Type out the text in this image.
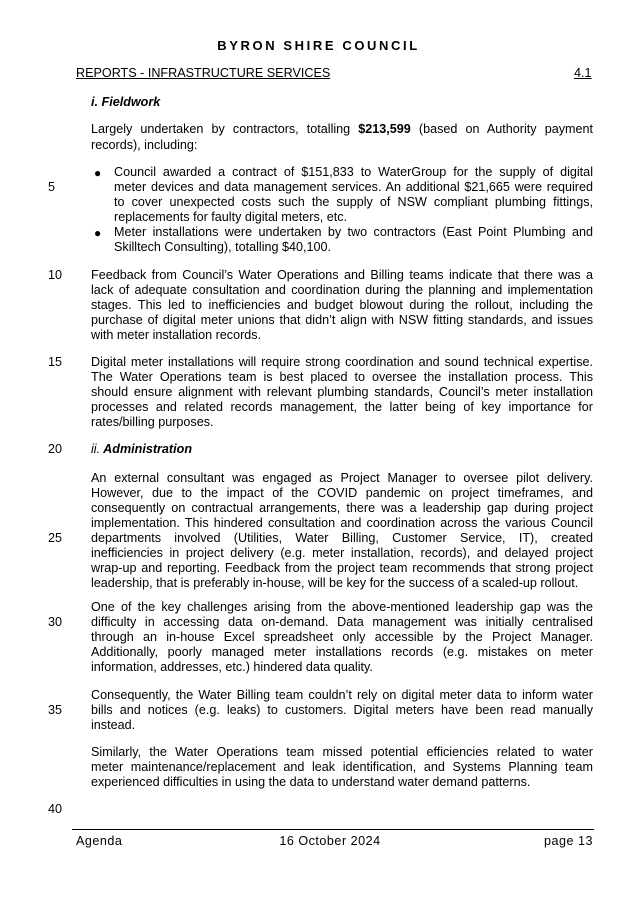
BYRON SHIRE COUNCIL
REPORTS - INFRASTRUCTURE SERVICES	4.1
i. Fieldwork
Largely undertaken by contractors, totalling $213,599 (based on Authority payment
records), including:
● Council awarded a contract of $151,833 to WaterGroup for the supply of digital
meter devices and data management services. An additional $21,665 were required
to cover unexpected costs such the supply of NSW compliant plumbing fittings,
replacements for faulty digital meters, etc.
● Meter installations were undertaken by two contractors (East Point Plumbing and
Skilltech Consulting), totalling $40,100.
Feedback from Council’s Water Operations and Billing teams indicate that there was a
lack of adequate consultation and coordination during the planning and implementation
stages. This led to inefficiencies and budget blowout during the rollout, including the
purchase of digital meter unions that didn’t align with NSW fitting standards, and issues
with meter installation records.
Digital meter installations will require strong coordination and sound technical expertise.
The Water Operations team is best placed to oversee the installation process. This
should ensure alignment with relevant plumbing standards, Council’s meter installation
processes and related records management, the latter being of key importance for
rates/billing purposes.
ii. Administration
An external consultant was engaged as Project Manager to oversee pilot delivery.
However, due to the impact of the COVID pandemic on project timeframes, and
consequently on contractual arrangements, there was a leadership gap during project
implementation. This hindered consultation and coordination across the various Council
departments involved (Utilities, Water Billing, Customer Service, IT), created
inefficiencies in project delivery (e.g. meter installation, records), and delayed project
wrap-up and reporting. Feedback from the project team recommends that strong project
leadership, that is preferably in-house, will be key for the success of a scaled-up rollout.
One of the key challenges arising from the above-mentioned leadership gap was the
difficulty in accessing data on-demand. Data management was initially centralised
through an in-house Excel spreadsheet only accessible by the Project Manager.
Additionally, poorly managed meter installations records (e.g. mistakes on meter
information, addresses, etc.) hindered data quality.
Consequently, the Water Billing team couldn’t rely on digital meter data to inform water
bills and notices (e.g. leaks) to customers. Digital meters have been read manually
instead.
Similarly, the Water Operations team missed potential efficiencies related to water
meter maintenance/replacement and leak identification, and Systems Planning team
experienced difficulties in using the data to understand water demand patterns.
5
10
15
20
25
30
35
40
Agenda	16 October 2024	page 13
